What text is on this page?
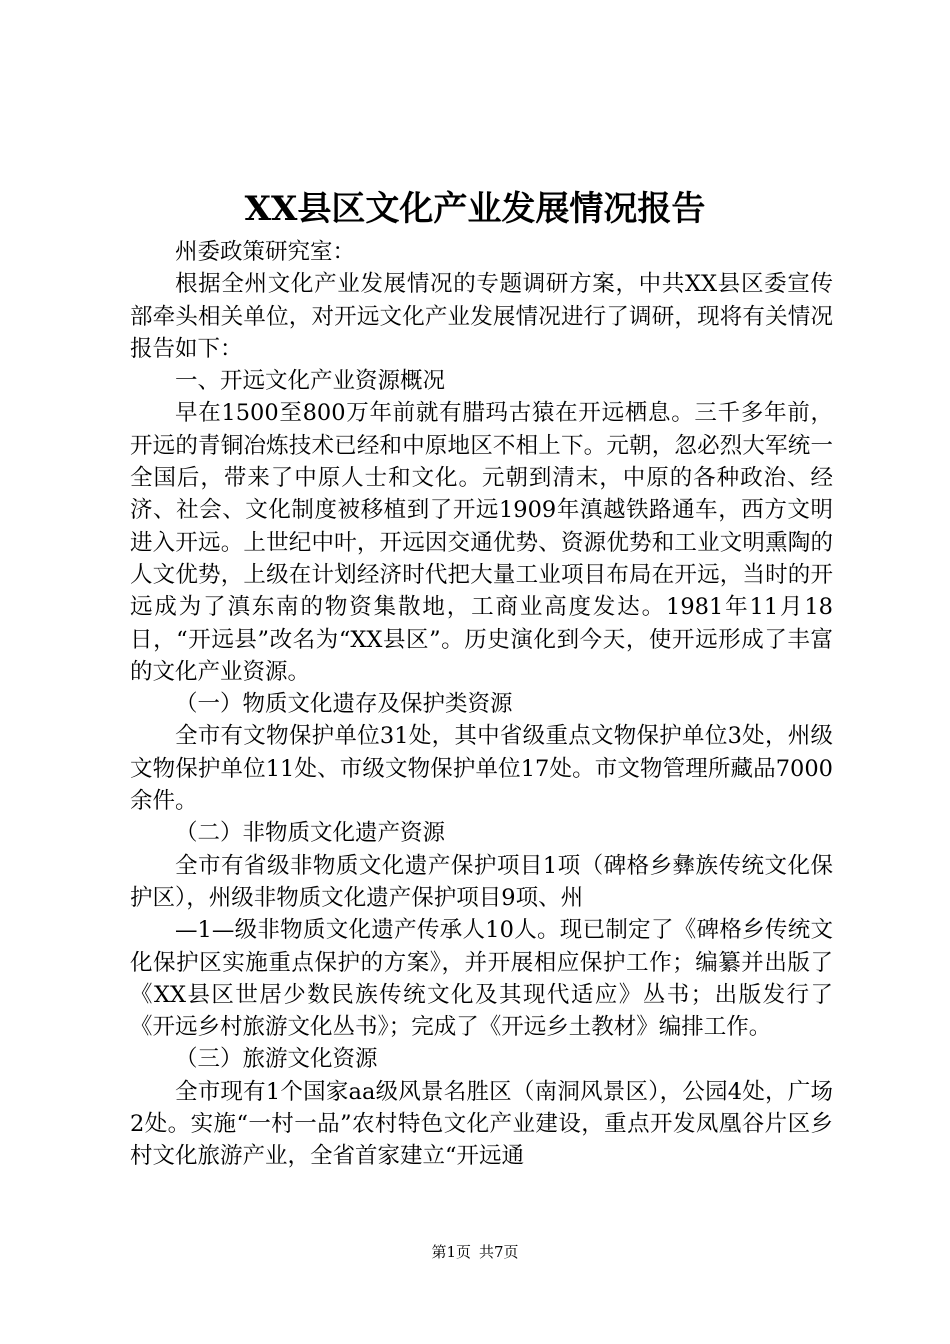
XX县区文化产业发展情况报告

州委政策研究室：

根据全州文化产业发展情况的专题调研方案，中共XX县区委宣传部牵头相关单位，对开远文化产业发展情况进行了调研，现将有关情况报告如下：

一、开远文化产业资源概况

早在1500至800万年前就有腊玛古猿在开远栖息。三千多年前，开远的青铜冶炼技术已经和中原地区不相上下。元朝，忽必烈大军统一全国后，带来了中原人士和文化。元朝到清末，中原的各种政治、经济、社会、文化制度被移植到了开远1909年滇越铁路通车，西方文明进入开远。上世纪中叶，开远因交通优势、资源优势和工业文明熏陶的人文优势，上级在计划经济时代把大量工业项目布局在开远，当时的开远成为了滇东南的物资集散地，工商业高度发达。1981年11月18日，“开远县”改名为“XX县区”。历史演化到今天，使开远形成了丰富的文化产业资源。

（一）物质文化遗存及保护类资源

全市有文物保护单位31处，其中省级重点文物保护单位3处，州级文物保护单位11处、市级文物保护单位17处。市文物管理所藏品7000余件。

（二）非物质文化遗产资源

全市有省级非物质文化遗产保护项目1项（碑格乡彝族传统文化保护区），州级非物质文化遗产保护项目9项、州

—1—级非物质文化遗产传承人10人。现已制定了《碑格乡传统文化保护区实施重点保护的方案》，并开展相应保护工作；编纂并出版了《XX县区世居少数民族传统文化及其现代适应》丛书；出版发行了《开远乡村旅游文化丛书》；完成了《开远乡土教材》编排工作。

（三）旅游文化资源

全市现有1个国家aa级风景名胜区（南洞风景区），公园4处，广场2处。实施“一村一品”农村特色文化产业建设，重点开发凤凰谷片区乡村文化旅游产业，全省首家建立“开远通

第1页 共7页
